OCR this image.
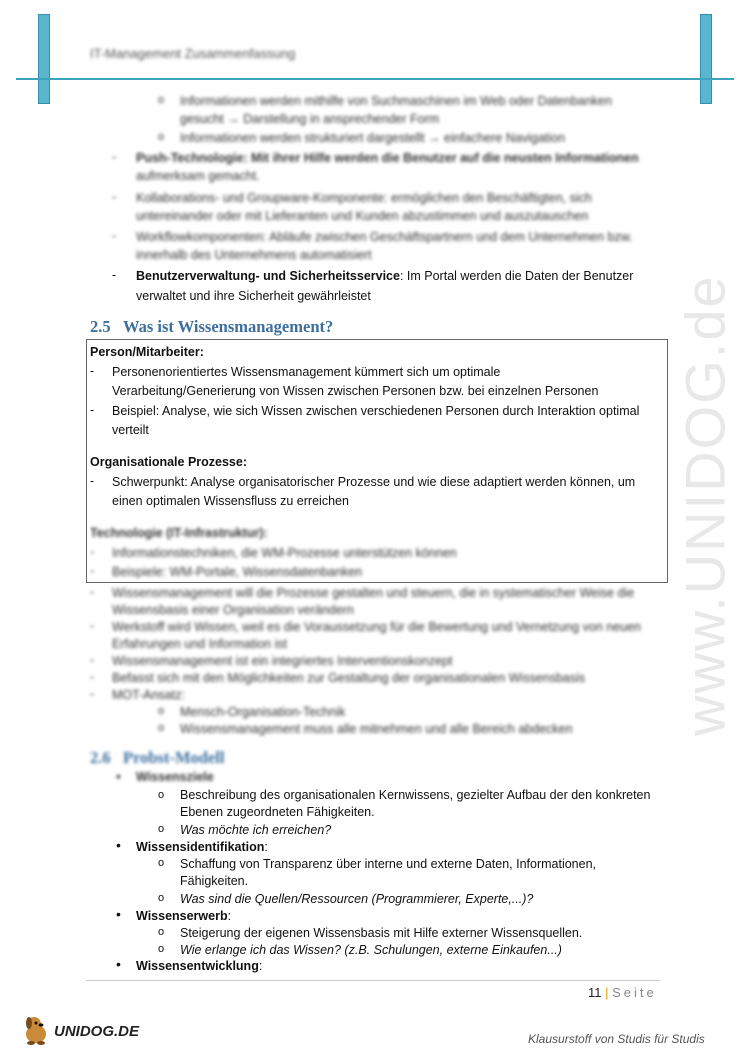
IT-Management Zusammenfassung
www.UNIDOG.de
o Informationen werden mithilfe von Suchmaschinen im Web oder Datenbanken
gesucht → Darstellung in ansprechender Form
o Informationen werden strukturiert dargestellt → einfachere Navigation
-	Push-Technologie: Mit ihrer Hilfe werden die Benutzer auf die neusten Informationen
aufmerksam gemacht.
-	Kollaborations- und Groupware-Komponente: ermöglichen den Beschäftigten, sich
untereinander oder mit Lieferanten und Kunden abzustimmen und auszutauschen
-	Workflowkomponenten: Abläufe zwischen Geschäftspartnern und dem Unternehmen bzw.
innerhalb des Unternehmens automatisiert
-	Benutzerverwaltung- und Sicherheitsservice: Im Portal werden die Daten der Benutzer
verwaltet und ihre Sicherheit gewährleistet
2.5 Was ist Wissensmanagement?
Person/Mitarbeiter:
-	Personenorientiertes Wissensmanagement kümmert sich um optimale
Verarbeitung/Generierung von Wissen zwischen Personen bzw. bei einzelnen Personen
-	Beispiel: Analyse, wie sich Wissen zwischen verschiedenen Personen durch Interaktion optimal
verteilt
Organisationale Prozesse:
-	Schwerpunkt: Analyse organisatorischer Prozesse und wie diese adaptiert werden können, um
einen optimalen Wissensfluss zu erreichen
Technologie (IT-Infrastruktur):
-	Informationstechniken, die WM-Prozesse unterstützen können
-	Beispiele: WM-Portale, Wissensdatenbanken
-	Wissensmanagement will die Prozesse gestalten und steuern, die in systematischer Weise die
Wissensbasis einer Organisation verändern
-	Werkstoff wird Wissen, weil es die Voraussetzung für die Bewertung und Vernetzung von neuen
Erfahrungen und Information ist
-	Wissensmanagement ist ein integriertes Interventionskonzept
-	Befasst sich mit den Möglichkeiten zur Gestaltung der organisationalen Wissensbasis
-	MOT-Ansatz:
o Mensch-Organisation-Technik
o Wissensmanagement muss alle mitnehmen und alle Bereich abdecken
2.6 Probst-Modell
• Wissensziele
o Beschreibung des organisationalen Kernwissens, gezielter Aufbau der den konkreten
Ebenen zugeordneten Fähigkeiten.
o Was möchte ich erreichen?
• Wissensidentifikation:
o Schaffung von Transparenz über interne und externe Daten, Informationen,
Fähigkeiten.
o Was sind die Quellen/Ressourcen (Programmierer, Experte,...)?
• Wissenserwerb:
o Steigerung der eigenen Wissensbasis mit Hilfe externer Wissensquellen.
o Wie erlange ich das Wissen? (z.B. Schulungen, externe Einkaufen...)
• Wissensentwicklung:
11 | Seite
UNIDOG.DE	Klausurstoff von Studis für Studis
